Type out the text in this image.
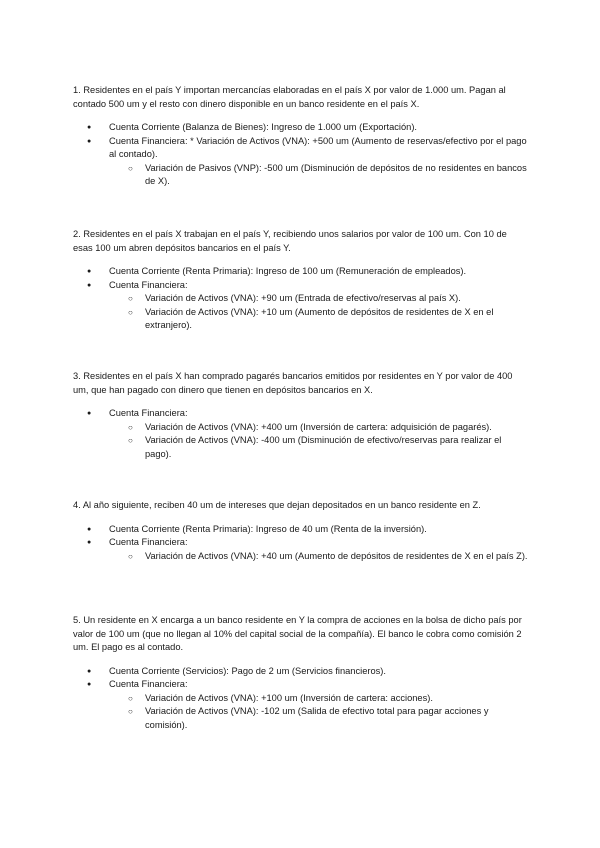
1. Residentes en el país Y importan mercancías elaboradas en el país X por valor de 1.000 um. Pagan al contado 500 um y el resto con dinero disponible en un banco residente en el país X.

● Cuenta Corriente (Balanza de Bienes): Ingreso de 1.000 um (Exportación).
● Cuenta Financiera: * Variación de Activos (VNA): +500 um (Aumento de reservas/efectivo por el pago al contado).
○ Variación de Pasivos (VNP): -500 um (Disminución de depósitos de no residentes en bancos de X).

2. Residentes en el país X trabajan en el país Y, recibiendo unos salarios por valor de 100 um. Con 10 de esas 100 um abren depósitos bancarios en el país Y.

● Cuenta Corriente (Renta Primaria): Ingreso de 100 um (Remuneración de empleados).
● Cuenta Financiera:
○ Variación de Activos (VNA): +90 um (Entrada de efectivo/reservas al país X).
○ Variación de Activos (VNA): +10 um (Aumento de depósitos de residentes de X en el extranjero).

3. Residentes en el país X han comprado pagarés bancarios emitidos por residentes en Y por valor de 400 um, que han pagado con dinero que tienen en depósitos bancarios en X.

● Cuenta Financiera:
○ Variación de Activos (VNA): +400 um (Inversión de cartera: adquisición de pagarés).
○ Variación de Activos (VNA): -400 um (Disminución de efectivo/reservas para realizar el pago).

4. Al año siguiente, reciben 40 um de intereses que dejan depositados en un banco residente en Z.

● Cuenta Corriente (Renta Primaria): Ingreso de 40 um (Renta de la inversión).
● Cuenta Financiera:
○ Variación de Activos (VNA): +40 um (Aumento de depósitos de residentes de X en el país Z).

5. Un residente en X encarga a un banco residente en Y la compra de acciones en la bolsa de dicho país por valor de 100 um (que no llegan al 10% del capital social de la compañía). El banco le cobra como comisión 2 um. El pago es al contado.

● Cuenta Corriente (Servicios): Pago de 2 um (Servicios financieros).
● Cuenta Financiera:
○ Variación de Activos (VNA): +100 um (Inversión de cartera: acciones).
○ Variación de Activos (VNA): -102 um (Salida de efectivo total para pagar acciones y comisión).
